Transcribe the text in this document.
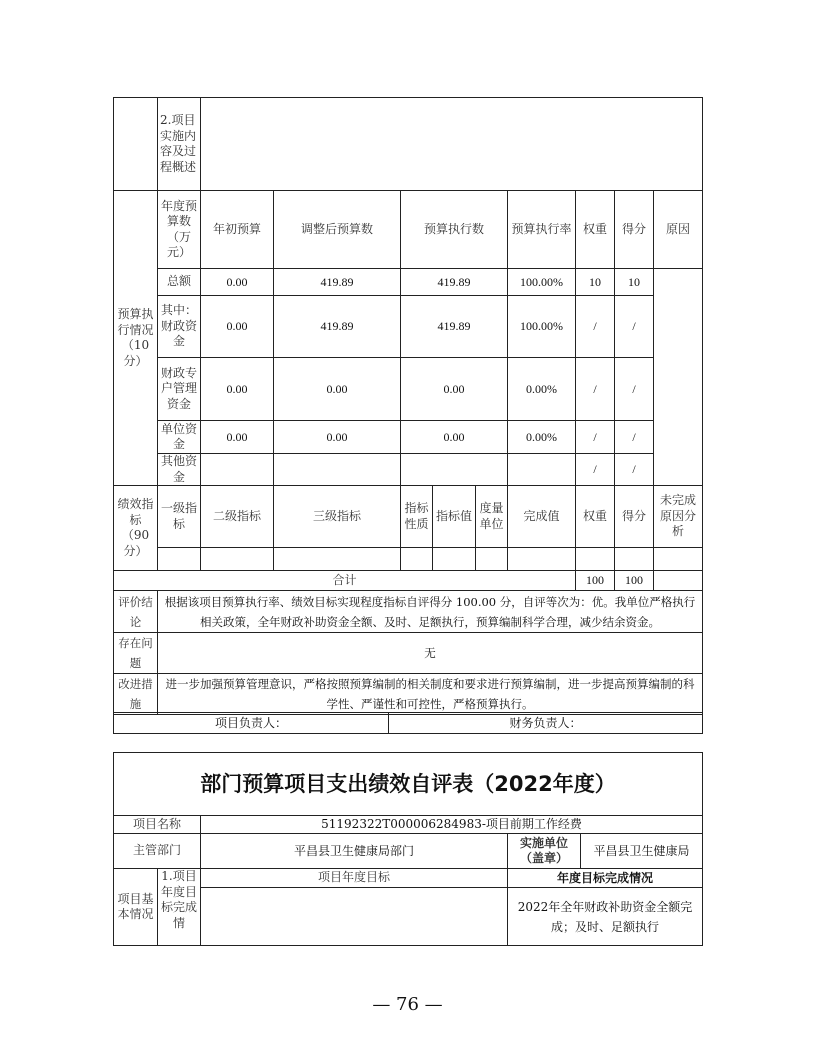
	2.项目实施内容及过程概述									
预算执行情况（10分）	年度预算数（万元）	年初预算	调整后预算数	预算执行数			预算执行率	权重	得分	原因
	总额	0.00	419.89	419.89			100.00%	10	10	
	其中：财政资金	0.00	419.89	419.89			100.00%	/	/	
	财政专户管理资金	0.00	0.00	0.00			0.00%	/	/	
	单位资金	0.00	0.00	0.00			0.00%	/	/	
	其他资金							/	/	
绩效指标（90分）	一级指标	二级指标	三级指标	指标性质	指标值	度量单位	完成值	权重	得分	未完成原因分析

合计								100	100	
评价结论	根据该项目预算执行率、绩效目标实现程度指标自评得分 100.00 分，自评等次为：优。我单位严格执行相关政策，全年财政补助资金全额、及时、足额执行，预算编制科学合理，减少结余资金。
存在问题	无
改进措施	进一步加强预算管理意识，严格按照预算编制的相关制度和要求进行预算编制，进一步提高预算编制的科学性、严谨性和可控性，严格预算执行。
项目负责人：	财务负责人：
部门预算项目支出绩效自评表（2022年度）				
项目名称		51192322T000006284983-项目前期工作经费		
主管部门		平昌县卫生健康局部门	实施单位（盖章）	平昌县卫生健康局
项目基本情况	1.项目年度目标完成情	项目年度目标	年度目标完成情况	
			2022年全年财政补助资金全额完成；及时、足额执行	
— 76 —
